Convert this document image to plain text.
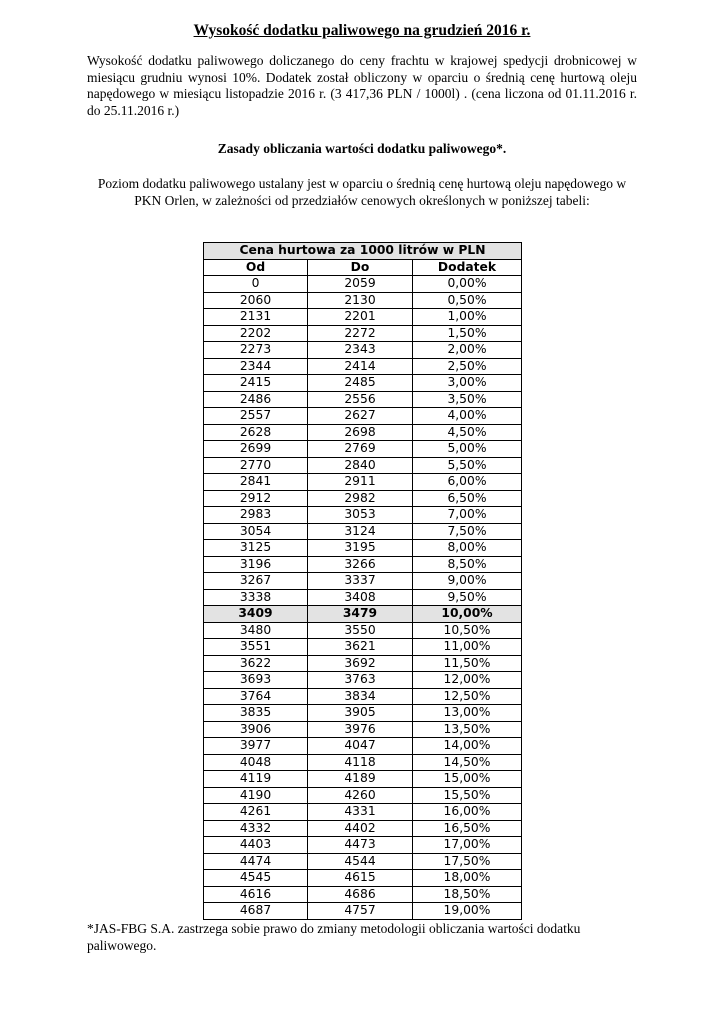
Wysokość dodatku paliwowego na grudzień 2016 r.

Wysokość dodatku paliwowego doliczanego do ceny frachtu w krajowej spedycji drobnicowej w miesiącu grudniu wynosi 10%. Dodatek został obliczony w oparciu o średnią cenę hurtową oleju napędowego w miesiącu listopadzie 2016 r. (3 417,36 PLN / 1000l) . (cena liczona od 01.11.2016 r. do 25.11.2016 r.)

Zasady obliczania wartości dodatku paliwowego*.

Poziom dodatku paliwowego ustalany jest w oparciu o średnią cenę hurtową oleju napędowego w PKN Orlen, w zależności od przedziałów cenowych określonych w poniższej tabeli:

Cena hurtowa za 1000 litrów w PLN		
Od	Do	Dodatek
0	2059	0,00%
2060	2130	0,50%
2131	2201	1,00%
2202	2272	1,50%
2273	2343	2,00%
2344	2414	2,50%
2415	2485	3,00%
2486	2556	3,50%
2557	2627	4,00%
2628	2698	4,50%
2699	2769	5,00%
2770	2840	5,50%
2841	2911	6,00%
2912	2982	6,50%
2983	3053	7,00%
3054	3124	7,50%
3125	3195	8,00%
3196	3266	8,50%
3267	3337	9,00%
3338	3408	9,50%
3409	3479	10,00%
3480	3550	10,50%
3551	3621	11,00%
3622	3692	11,50%
3693	3763	12,00%
3764	3834	12,50%
3835	3905	13,00%
3906	3976	13,50%
3977	4047	14,00%
4048	4118	14,50%
4119	4189	15,00%
4190	4260	15,50%
4261	4331	16,00%
4332	4402	16,50%
4403	4473	17,00%
4474	4544	17,50%
4545	4615	18,00%
4616	4686	18,50%
4687	4757	19,00%

*JAS-FBG S.A. zastrzega sobie prawo do zmiany metodologii obliczania wartości dodatku paliwowego.
